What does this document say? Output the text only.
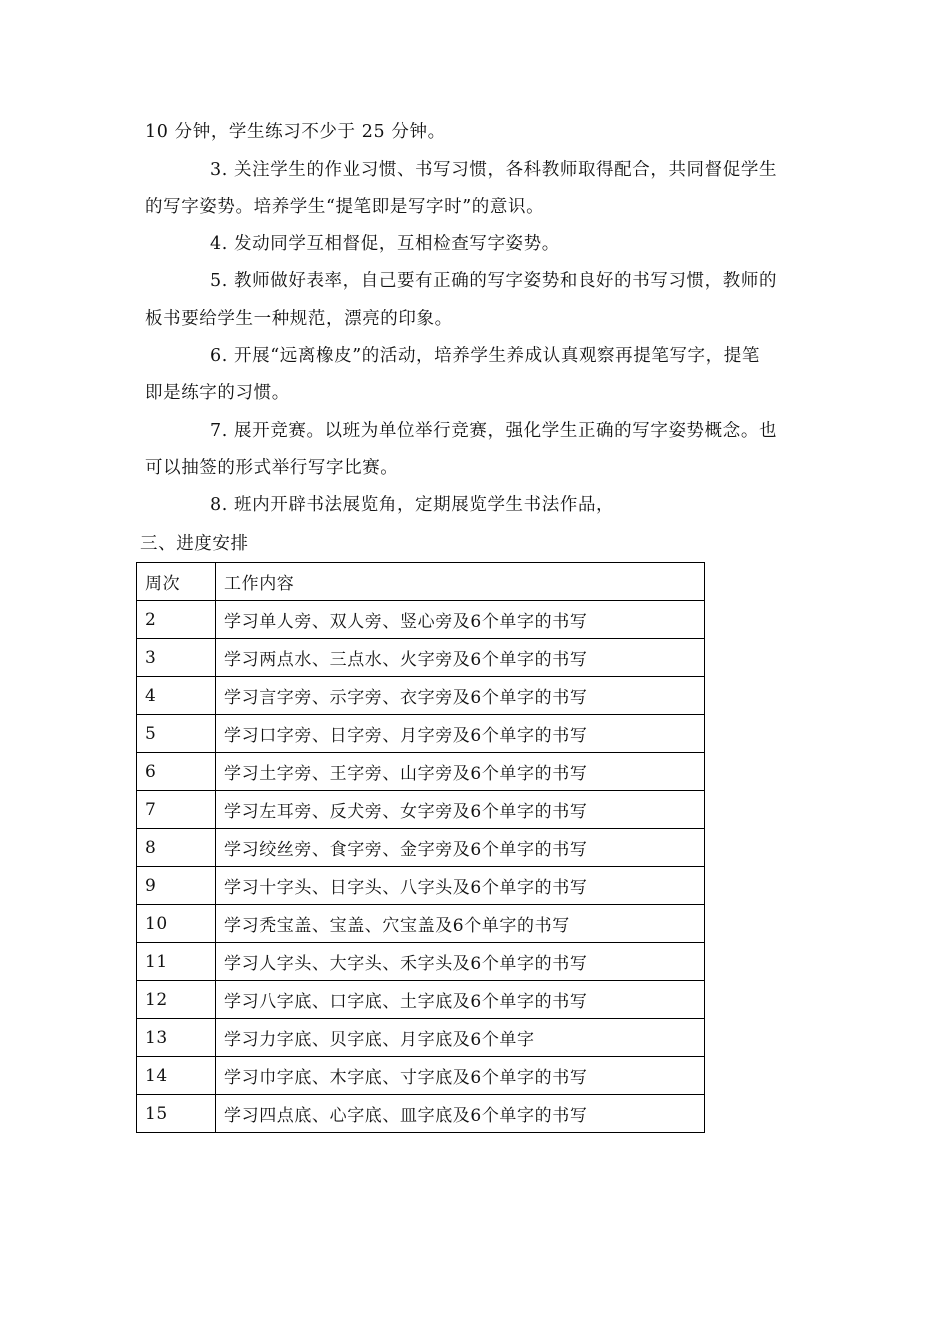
10 分钟，学生练习不少于 25 分钟。
3. 关注学生的作业习惯、书写习惯，各科教师取得配合，共同督促学生
的写字姿势。培养学生“提笔即是写字时”的意识。
4. 发动同学互相督促，互相检查写字姿势。
5. 教师做好表率，自己要有正确的写字姿势和良好的书写习惯，教师的
板书要给学生一种规范，漂亮的印象。
6. 开展“远离橡皮”的活动，培养学生养成认真观察再提笔写字，提笔
即是练字的习惯。
7. 展开竞赛。以班为单位举行竞赛，强化学生正确的写字姿势概念。也
可以抽签的形式举行写字比赛。
8. 班内开辟书法展览角，定期展览学生书法作品，
三、进度安排
周次	工作内容
2	学习单人旁、双人旁、竖心旁及6个单字的书写
3	学习两点水、三点水、火字旁及6个单字的书写
4	学习言字旁、示字旁、衣字旁及6个单字的书写
5	学习口字旁、日字旁、月字旁及6个单字的书写
6	学习土字旁、王字旁、山字旁及6个单字的书写
7	学习左耳旁、反犬旁、女字旁及6个单字的书写
8	学习绞丝旁、食字旁、金字旁及6个单字的书写
9	学习十字头、日字头、八字头及6个单字的书写
10	学习秃宝盖、宝盖、穴宝盖及6个单字的书写
11	学习人字头、大字头、禾字头及6个单字的书写
12	学习八字底、口字底、土字底及6个单字的书写
13	学习力字底、贝字底、月字底及6个单字
14	学习巾字底、木字底、寸字底及6个单字的书写
15	学习四点底、心字底、皿字底及6个单字的书写
